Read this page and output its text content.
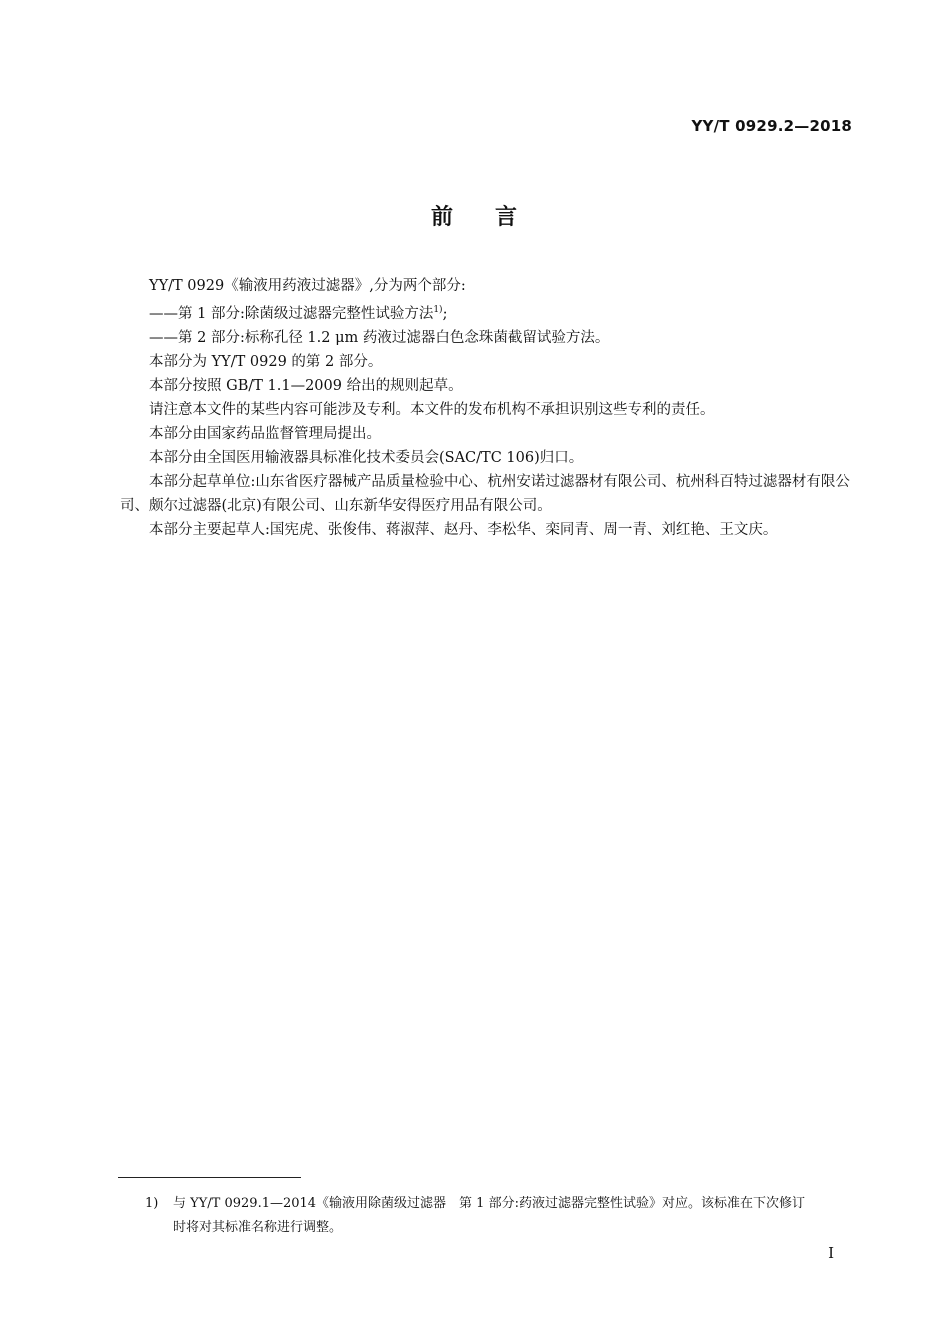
YY/T 0929.2—2018
前 言

YY/T 0929《输液用药液过滤器》,分为两个部分:

——第 1 部分:除菌级过滤器完整性试验方法$^{1)}$;

——第 2 部分:标称孔径 1.2 μm 药液过滤器白色念珠菌截留试验方法。

本部分为 YY/T 0929 的第 2 部分。

本部分按照 GB/T 1.1—2009 给出的规则起草。

请注意本文件的某些内容可能涉及专利。本文件的发布机构不承担识别这些专利的责任。

本部分由国家药品监督管理局提出。

本部分由全国医用输液器具标准化技术委员会(SAC/TC 106)归口。

本部分起草单位:山东省医疗器械产品质量检验中心、杭州安诺过滤器材有限公司、杭州科百特过滤器材有限公司、颇尔过滤器(北京)有限公司、山东新华安得医疗用品有限公司。

本部分主要起草人:国宪虎、张俊伟、蒋淑萍、赵丹、李松华、栾同青、周一青、刘红艳、王文庆。

1) 与 YY/T 0929.1—2014《输液用除菌级过滤器　第 1 部分:药液过滤器完整性试验》对应。该标准在下次修订
时将对其标准名称进行调整。
I
